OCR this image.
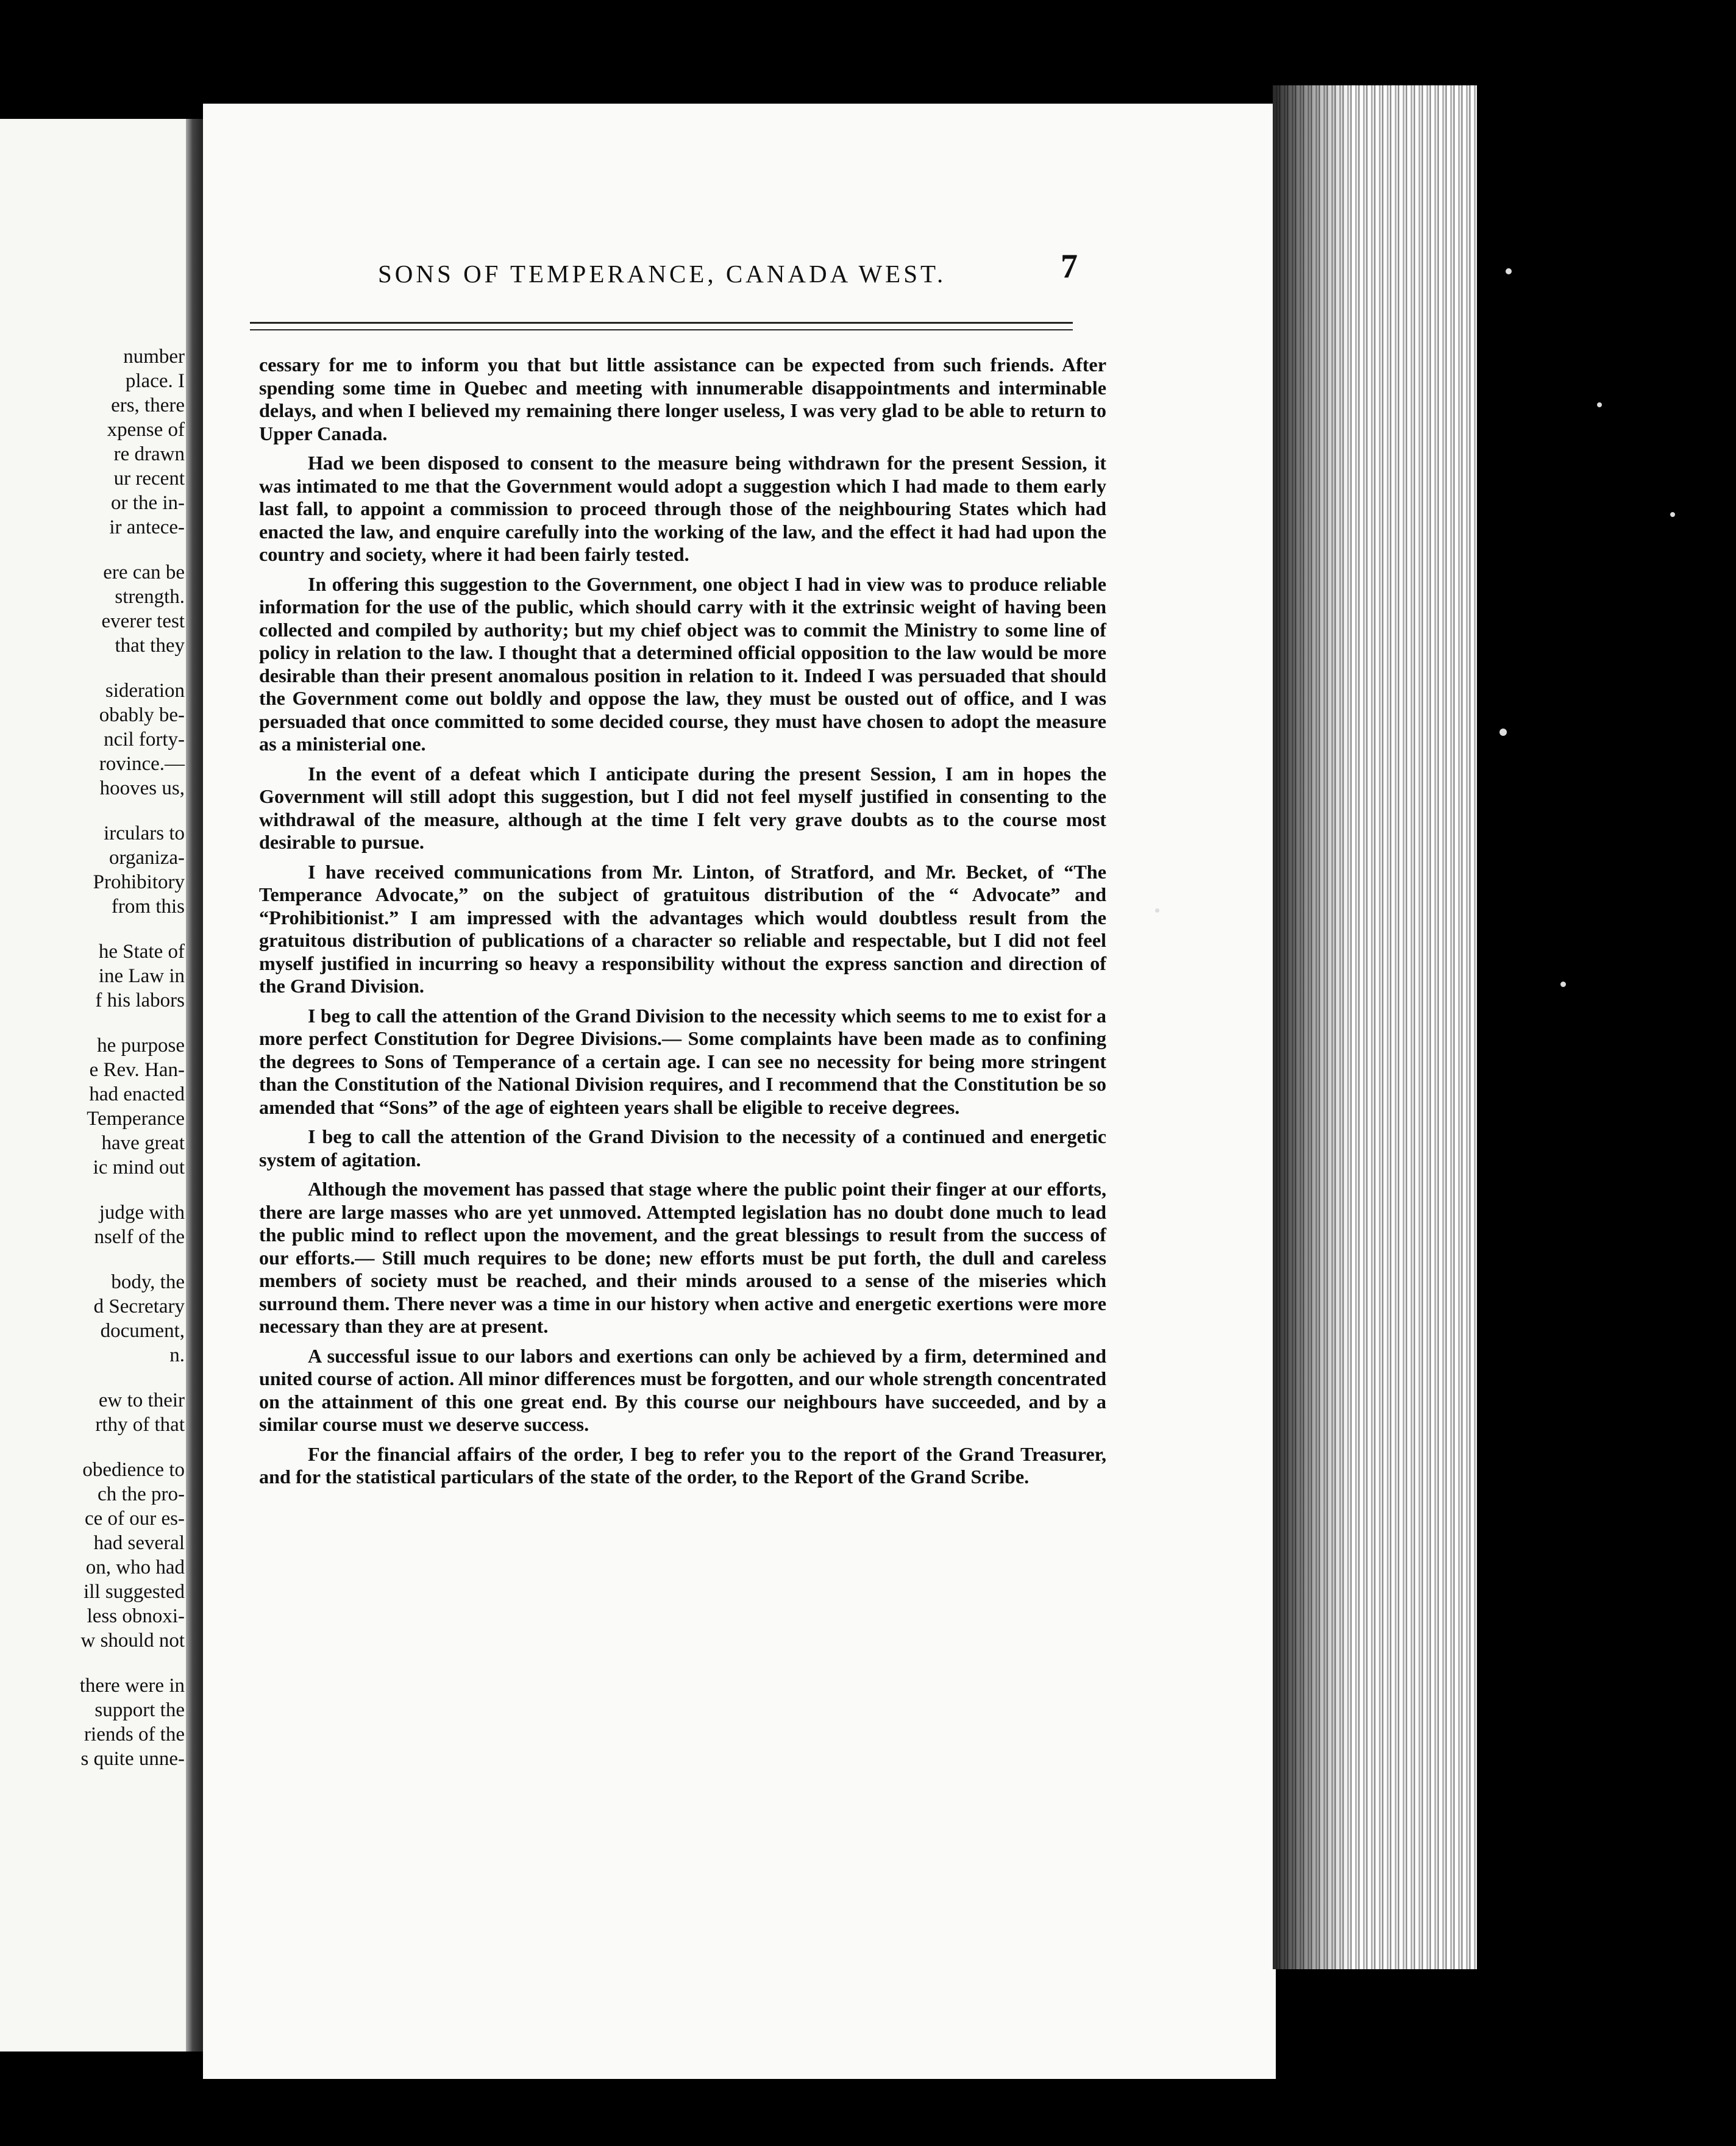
number
place. I
ers, there
xpense of
re drawn
ur recent
or the in-
ir antece-
ere can be
strength.
everer test
that they
sideration
obably be-
ncil forty-
rovince.—
hooves us,
irculars to
organiza-
Prohibitory
from this
he State of
ine Law in
f his labors
he purpose
e Rev. Han-
had enacted
Temperance
have great
ic mind out
judge with
nself of the
body, the
d Secretary
document,
n.
ew to their
rthy of that
obedience to
ch the pro-
ce of our es-
had several
on, who had
ill suggested
less obnoxi-
w should not
there were in
support the
riends of the
s quite unne-
SONS OF TEMPERANCE, CANADA WEST.	7

cessary for me to inform you that but little assistance can be expected from such friends. After spending some time in Quebec and meeting with innumerable disappointments and interminable delays, and when I believed my remaining there longer useless, I was very glad to be able to return to Upper Canada.

Had we been disposed to consent to the measure being withdrawn for the present Session, it was intimated to me that the Government would adopt a suggestion which I had made to them early last fall, to appoint a commission to proceed through those of the neighbouring States which had enacted the law, and enquire carefully into the working of the law, and the effect it had had upon the country and society, where it had been fairly tested.

In offering this suggestion to the Government, one object I had in view was to produce reliable information for the use of the public, which should carry with it the extrinsic weight of having been collected and compiled by authority; but my chief object was to commit the Ministry to some line of policy in relation to the law. I thought that a determined official opposition to the law would be more desirable than their present anomalous position in relation to it. Indeed I was persuaded that should the Government come out boldly and oppose the law, they must be ousted out of office, and I was persuaded that once committed to some decided course, they must have chosen to adopt the measure as a ministerial one.

In the event of a defeat which I anticipate during the present Session, I am in hopes the Government will still adopt this suggestion, but I did not feel myself justified in consenting to the withdrawal of the measure, although at the time I felt very grave doubts as to the course most desirable to pursue.

I have received communications from Mr. Linton, of Stratford, and Mr. Becket, of “The Temperance Advocate,” on the subject of gratuitous distribution of the “ Advocate” and “Prohibitionist.” I am impressed with the advantages which would doubtless result from the gratuitous distribution of publications of a character so reliable and respectable, but I did not feel myself justified in incurring so heavy a responsibility without the express sanction and direction of the Grand Division.

I beg to call the attention of the Grand Division to the necessity which seems to me to exist for a more perfect Constitution for Degree Divisions.— Some complaints have been made as to confining the degrees to Sons of Temperance of a certain age. I can see no necessity for being more stringent than the Constitution of the National Division requires, and I recommend that the Constitution be so amended that “Sons” of the age of eighteen years shall be eligible to receive degrees.

I beg to call the attention of the Grand Division to the necessity of a continued and energetic system of agitation.

Although the movement has passed that stage where the public point their finger at our efforts, there are large masses who are yet unmoved. Attempted legislation has no doubt done much to lead the public mind to reflect upon the movement, and the great blessings to result from the success of our efforts.— Still much requires to be done; new efforts must be put forth, the dull and careless members of society must be reached, and their minds aroused to a sense of the miseries which surround them. There never was a time in our history when active and energetic exertions were more necessary than they are at present.

A successful issue to our labors and exertions can only be achieved by a firm, determined and united course of action. All minor differences must be forgotten, and our whole strength concentrated on the attainment of this one great end. By this course our neighbours have succeeded, and by a similar course must we deserve success.

For the financial affairs of the order, I beg to refer you to the report of the Grand Treasurer, and for the statistical particulars of the state of the order, to the Report of the Grand Scribe.
